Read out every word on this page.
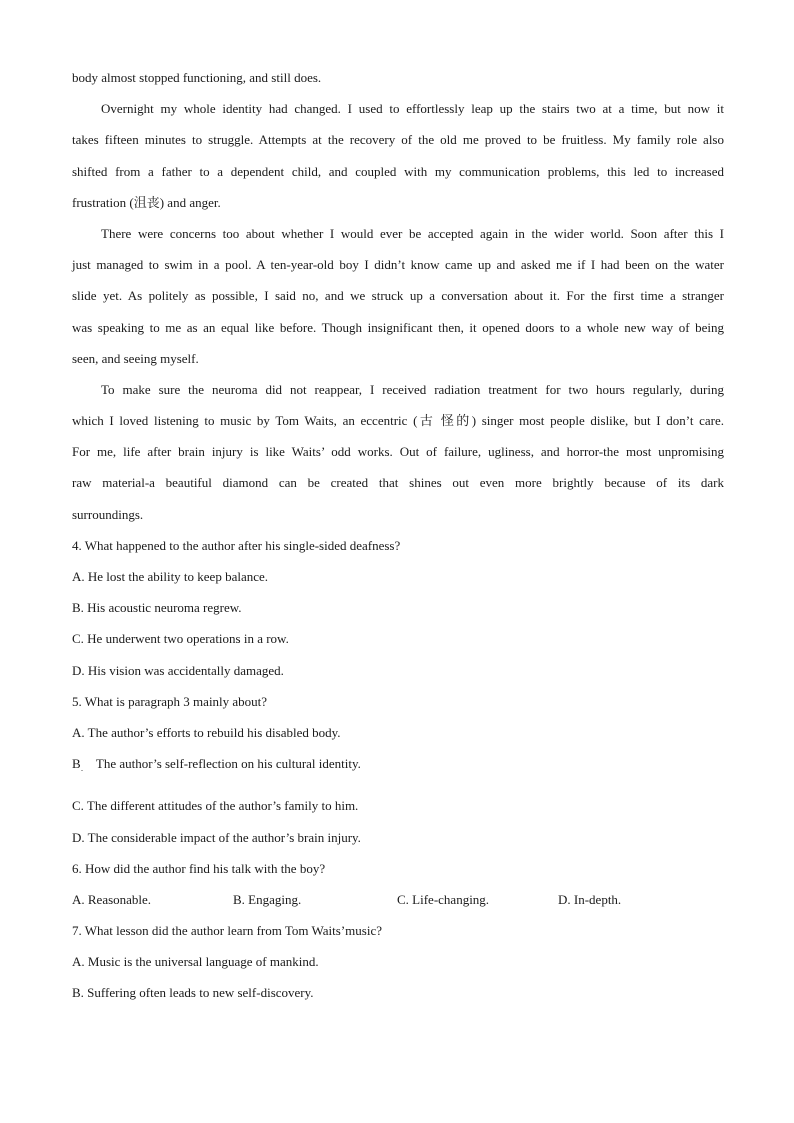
body almost stopped functioning, and still does.
Overnight my whole identity had changed. I used to effortlessly leap up the stairs two at a time, but now it
takes fifteen minutes to struggle. Attempts at the recovery of the old me proved to be fruitless. My family role also
shifted from a father to a dependent child, and coupled with my communication problems, this led to increased
frustration (沮丧) and anger.
There were concerns too about whether I would ever be accepted again in the wider world. Soon after this I
just managed to swim in a pool. A ten-year-old boy I didn’t know came up and asked me if I had been on the water
slide yet. As politely as possible, I said no, and we struck up a conversation about it. For the first time a stranger
was speaking to me as an equal like before. Though insignificant then, it opened doors to a whole new way of being
seen, and seeing myself.
To make sure the neuroma did not reappear, I received radiation treatment for two hours regularly, during
which I loved listening to music by Tom Waits, an eccentric (古 怪的) singer most people dislike, but I don’t care.
For me, life after brain injury is like Waits’ odd works. Out of failure, ugliness, and horror-the most unpromising
raw material-a beautiful diamond can be created that shines out even more brightly because of its dark
surroundings.
4. What happened to the author after his single-sided deafness?
A. He lost the ability to keep balance.
B. His acoustic neuroma regrew.
C. He underwent two operations in a row.
D. His vision was accidentally damaged.
5. What is paragraph 3 mainly about?
A. The author’s efforts to rebuild his disabled body.
B . The author’s self-reflection on his cultural identity.
C. The different attitudes of the author’s family to him.
D. The considerable impact of the author’s brain injury.
6. How did the author find his talk with the boy?
A. Reasonable.	B. Engaging.	C. Life-changing.	D. In-depth.
7. What lesson did the author learn from Tom Waits’music?
A. Music is the universal language of mankind.
B. Suffering often leads to new self-discovery.
